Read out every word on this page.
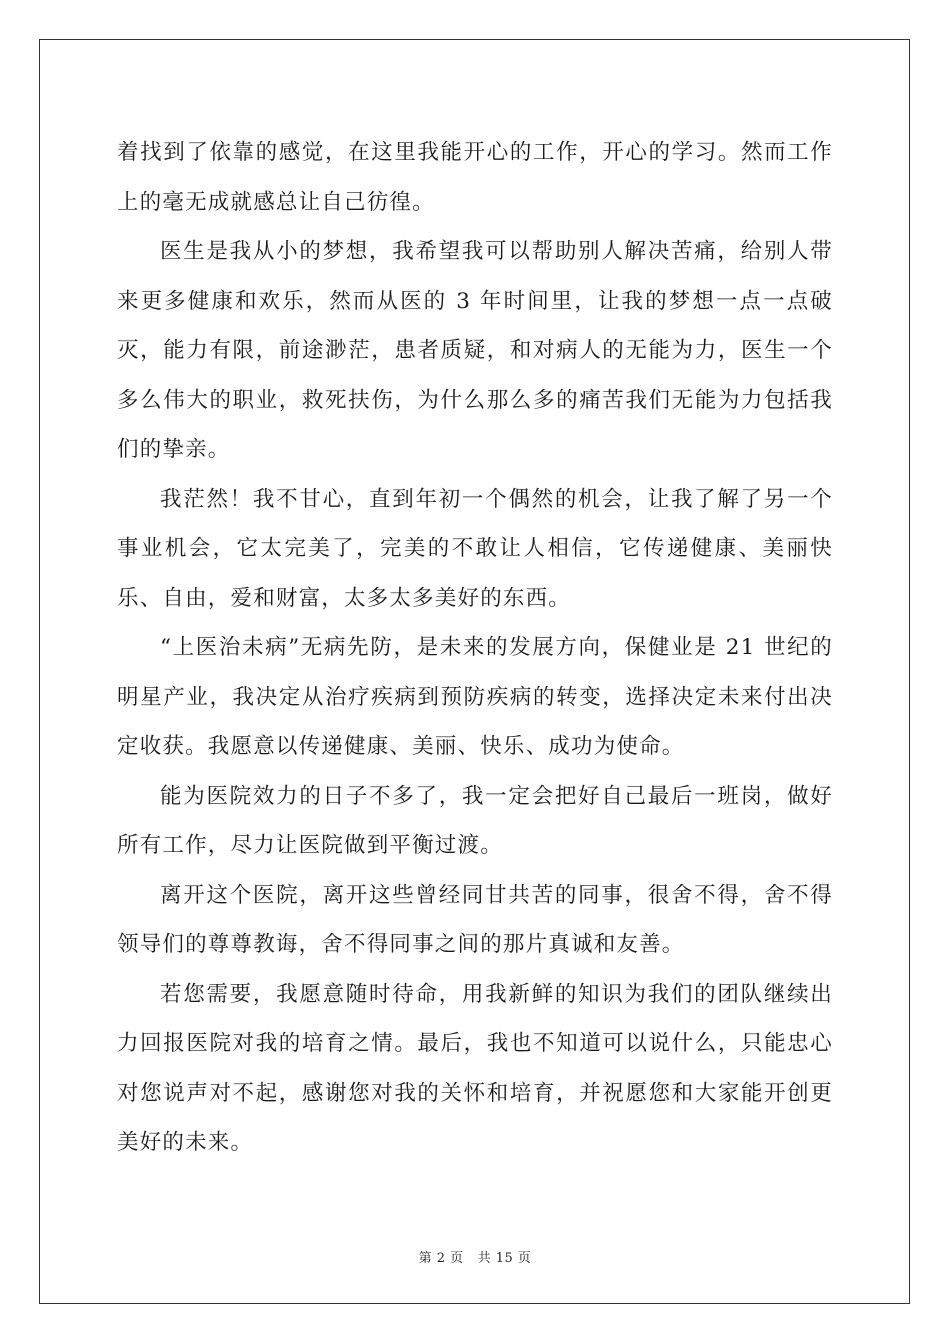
着找到了依靠的感觉，在这里我能开心的工作，开心的学习。然而工作上的毫无成就感总让自己彷徨。

医生是我从小的梦想，我希望我可以帮助别人解决苦痛，给别人带来更多健康和欢乐，然而从医的 3 年时间里，让我的梦想一点一点破灭，能力有限，前途渺茫，患者质疑，和对病人的无能为力，医生一个多么伟大的职业，救死扶伤，为什么那么多的痛苦我们无能为力包括我们的挚亲。

我茫然！我不甘心，直到年初一个偶然的机会，让我了解了另一个事业机会，它太完美了，完美的不敢让人相信，它传递健康、美丽快乐、自由，爱和财富，太多太多美好的东西。

“上医治未病”无病先防，是未来的发展方向，保健业是 21 世纪的明星产业，我决定从治疗疾病到预防疾病的转变，选择决定未来付出决定收获。我愿意以传递健康、美丽、快乐、成功为使命。

能为医院效力的日子不多了，我一定会把好自己最后一班岗，做好所有工作，尽力让医院做到平衡过渡。

离开这个医院，离开这些曾经同甘共苦的同事，很舍不得，舍不得领导们的尊尊教诲，舍不得同事之间的那片真诚和友善。

若您需要，我愿意随时待命，用我新鲜的知识为我们的团队继续出力回报医院对我的培育之情。最后，我也不知道可以说什么，只能忠心对您说声对不起，感谢您对我的关怀和培育，并祝愿您和大家能开创更美好的未来。

第 2 页 共 15 页
